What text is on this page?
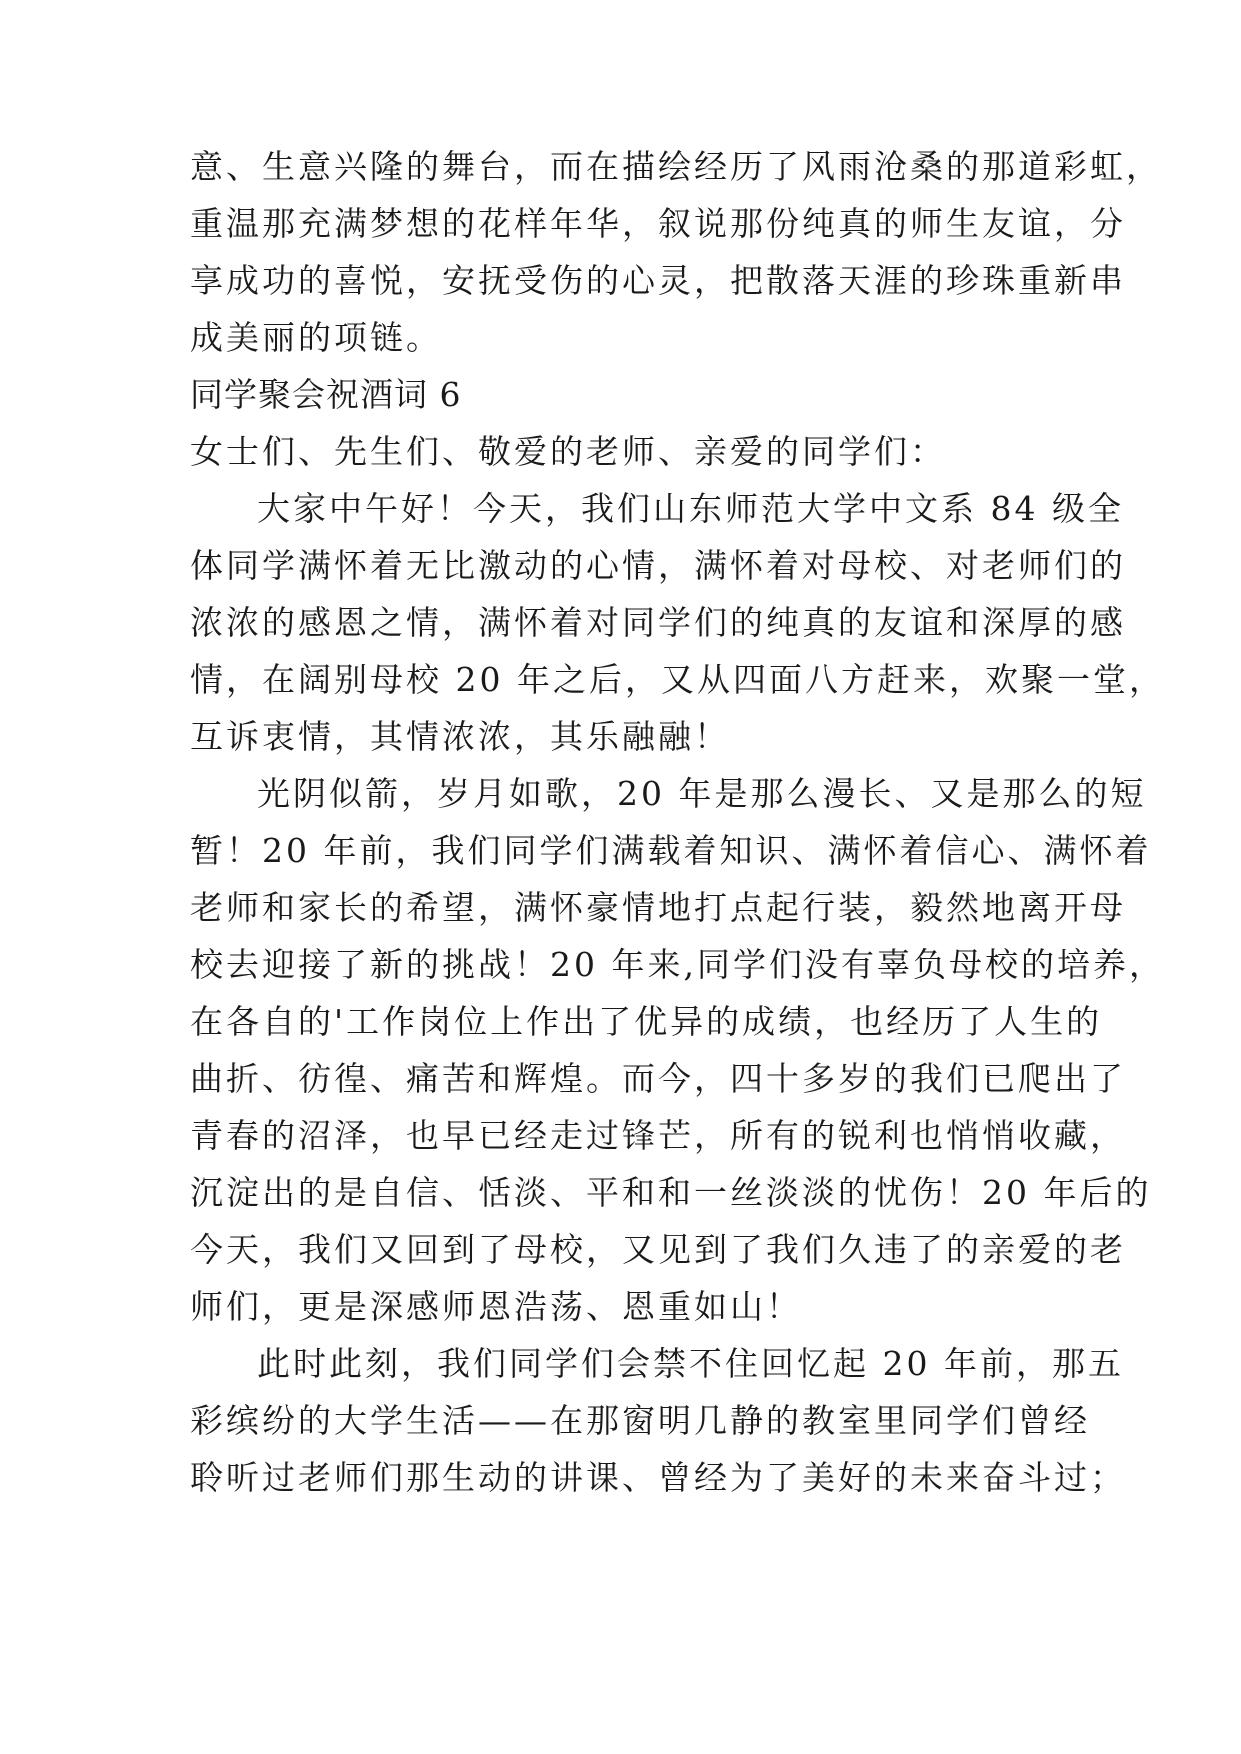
意、生意兴隆的舞台，而在描绘经历了风雨沧桑的那道彩虹，
重温那充满梦想的花样年华，叙说那份纯真的师生友谊，分
享成功的喜悦，安抚受伤的心灵，把散落天涯的珍珠重新串
成美丽的项链。
同学聚会祝酒词 6
女士们、先生们、敬爱的老师、亲爱的同学们：
大家中午好！今天，我们山东师范大学中文系 84 级全
体同学满怀着无比激动的心情，满怀着对母校、对老师们的
浓浓的感恩之情，满怀着对同学们的纯真的友谊和深厚的感
情，在阔别母校 20 年之后，又从四面八方赶来，欢聚一堂，
互诉衷情，其情浓浓，其乐融融！
光阴似箭，岁月如歌，20 年是那么漫长、又是那么的短
暂！20 年前，我们同学们满载着知识、满怀着信心、满怀着
老师和家长的希望，满怀豪情地打点起行装，毅然地离开母
校去迎接了新的挑战！20 年来,同学们没有辜负母校的培养，
在各自的'工作岗位上作出了优异的成绩，也经历了人生的
曲折、彷徨、痛苦和辉煌。而今，四十多岁的我们已爬出了
青春的沼泽，也早已经走过锋芒，所有的锐利也悄悄收藏，
沉淀出的是自信、恬淡、平和和一丝淡淡的忧伤！20 年后的
今天，我们又回到了母校，又见到了我们久违了的亲爱的老
师们，更是深感师恩浩荡、恩重如山！
此时此刻，我们同学们会禁不住回忆起 20 年前，那五
彩缤纷的大学生活——在那窗明几静的教室里同学们曾经
聆听过老师们那生动的讲课、曾经为了美好的未来奋斗过；
